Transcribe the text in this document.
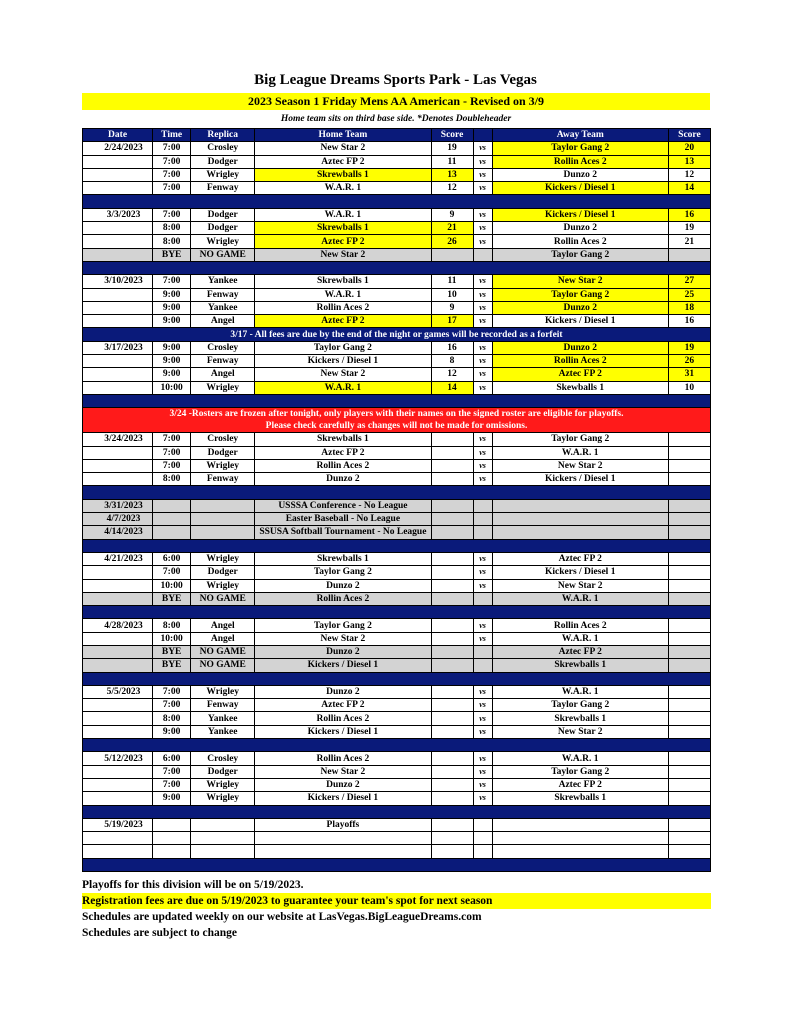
Big League Dreams Sports Park - Las Vegas
2023 Season 1 Friday Mens AA American - Revised on 3/9
Home team sits on third base side. *Denotes Doubleheader
Date	Time	Replica	Home Team	Score		Away Team	Score
2/24/2023	7:00	Crosley	New Star 2	19	vs	Taylor Gang 2	20
	7:00	Dodger	Aztec FP 2	11	vs	Rollin Aces 2	13
	7:00	Wrigley	Skrewballs 1	13	vs	Dunzo 2	12
	7:00	Fenway	W.A.R. 1	12	vs	Kickers / Diesel 1	14

3/3/2023	7:00	Dodger	W.A.R. 1	9	vs	Kickers / Diesel 1	16
	8:00	Dodger	Skrewballs 1	21	vs	Dunzo 2	19
	8:00	Wrigley	Aztec FP 2	26	vs	Rollin Aces 2	21
	BYE	NO GAME	New Star 2			Taylor Gang 2	

3/10/2023	7:00	Yankee	Skrewballs 1	11	vs	New Star 2	27
	9:00	Fenway	W.A.R. 1	10	vs	Taylor Gang 2	25
	9:00	Yankee	Rollin Aces 2	9	vs	Dunzo 2	18
	9:00	Angel	Aztec FP 2	17	vs	Kickers / Diesel 1	16
3/17 - All fees are due by the end of the night or games will be recorded as a forfeit							
3/17/2023	9:00	Crosley	Taylor Gang 2	16	vs	Dunzo 2	19
	9:00	Fenway	Kickers / Diesel 1	8	vs	Rollin Aces 2	26
	9:00	Angel	New Star 2	12	vs	Aztec FP 2	31
	10:00	Wrigley	W.A.R. 1	14	vs	Skewballs 1	10

3/24 -Rosters are frozen after tonight, only players with their names on the signed roster are eligible for playoffs.
Please check carefully as changes will not be made for omissions.							

3/24/2023	7:00	Crosley	Skrewballs 1		vs	Taylor Gang 2	
	7:00	Dodger	Aztec FP 2		vs	W.A.R. 1	
	7:00	Wrigley	Rollin Aces 2		vs	New Star 2	
	8:00	Fenway	Dunzo 2		vs	Kickers / Diesel 1	

3/31/2023			USSSA Conference - No League				
4/7/2023			Easter Baseball - No League				
4/14/2023			SSUSA Softball Tournament - No League				

4/21/2023	6:00	Wrigley	Skrewballs 1		vs	Aztec FP 2	
	7:00	Dodger	Taylor Gang 2		vs	Kickers / Diesel 1	
	10:00	Wrigley	Dunzo 2		vs	New Star 2	
	BYE	NO GAME	Rollin Aces 2			W.A.R. 1	

4/28/2023	8:00	Angel	Taylor Gang 2		vs	Rollin Aces 2	
	10:00	Angel	New Star 2		vs	W.A.R. 1	
	BYE	NO GAME	Dunzo 2			Aztec FP 2	
	BYE	NO GAME	Kickers / Diesel 1			Skrewballs 1	

5/5/2023	7:00	Wrigley	Dunzo 2		vs	W.A.R. 1	
	7:00	Fenway	Aztec FP 2		vs	Taylor Gang 2	
	8:00	Yankee	Rollin Aces 2		vs	Skrewballs 1	
	9:00	Yankee	Kickers / Diesel 1		vs	New Star 2	

5/12/2023	6:00	Crosley	Rollin Aces 2		vs	W.A.R. 1	
	7:00	Dodger	New Star 2		vs	Taylor Gang 2	
	7:00	Wrigley	Dunzo 2		vs	Aztec FP 2	
	9:00	Wrigley	Kickers / Diesel 1		vs	Skrewballs 1	

5/19/2023			Playoffs				

Playoffs for this division will be on 5/19/2023.
Registration fees are due on 5/19/2023 to guarantee your team's spot for next season
Schedules are updated weekly on our website at LasVegas.BigLeagueDreams.com
Schedules are subject to change
